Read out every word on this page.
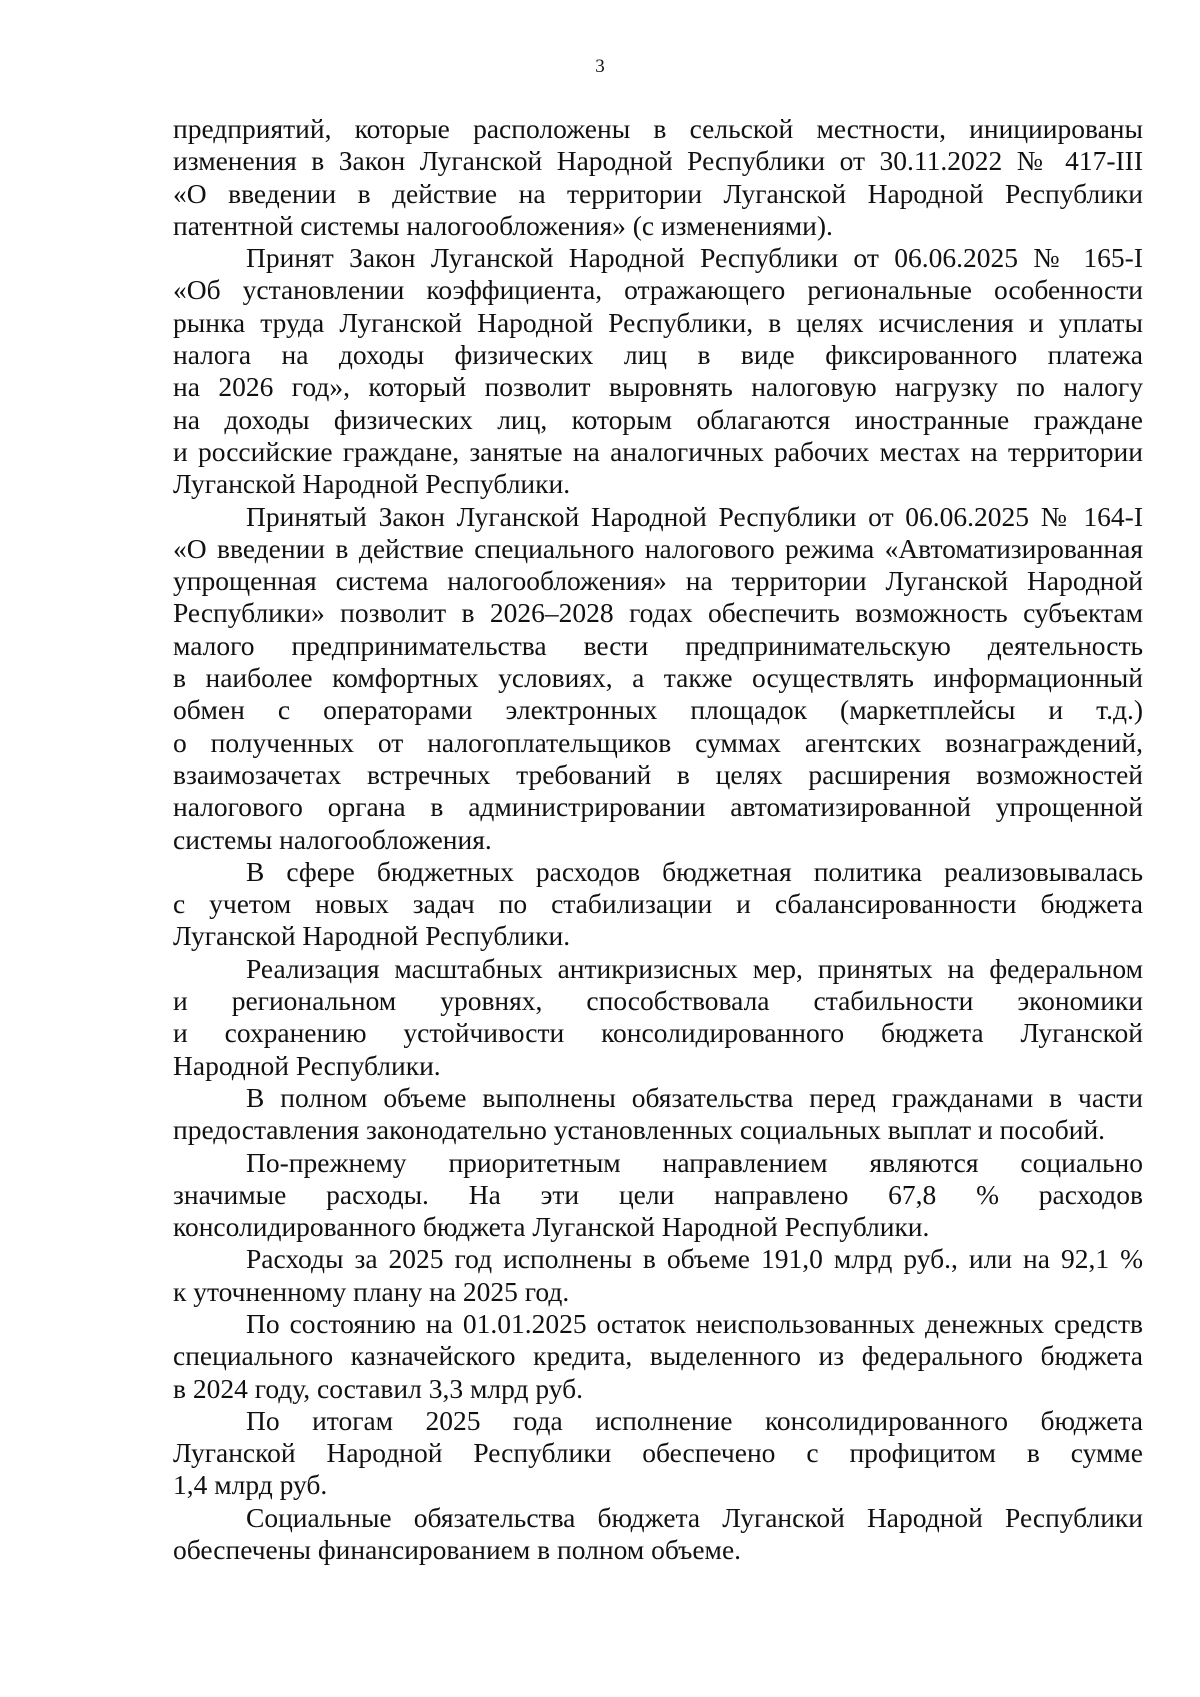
3
предприятий, которые расположены в сельской местности, инициированы
изменения в Закон Луганской Народной Республики от 30.11.2022 № 417-III
«О введении в действие на территории Луганской Народной Республики
патентной системы налогообложения» (с изменениями).
Принят Закон Луганской Народной Республики от 06.06.2025 № 165-I
«Об установлении коэффициента, отражающего региональные особенности
рынка труда Луганской Народной Республики, в целях исчисления и уплаты
налога на доходы физических лиц в виде фиксированного платежа
на 2026 год», который позволит выровнять налоговую нагрузку по налогу
на доходы физических лиц, которым облагаются иностранные граждане
и российские граждане, занятые на аналогичных рабочих местах на территории
Луганской Народной Республики.
Принятый Закон Луганской Народной Республики от 06.06.2025 № 164-I
«О введении в действие специального налогового режима «Автоматизированная
упрощенная система налогообложения» на территории Луганской Народной
Республики» позволит в 2026–2028 годах обеспечить возможность субъектам
малого предпринимательства вести предпринимательскую деятельность
в наиболее комфортных условиях, а также осуществлять информационный
обмен с операторами электронных площадок (маркетплейсы и т.д.)
о полученных от налогоплательщиков суммах агентских вознаграждений,
взаимозачетах встречных требований в целях расширения возможностей
налогового органа в администрировании автоматизированной упрощенной
системы налогообложения.
В сфере бюджетных расходов бюджетная политика реализовывалась
с учетом новых задач по стабилизации и сбалансированности бюджета
Луганской Народной Республики.
Реализация масштабных антикризисных мер, принятых на федеральном
и региональном уровнях, способствовала стабильности экономики
и сохранению устойчивости консолидированного бюджета Луганской
Народной Республики.
В полном объеме выполнены обязательства перед гражданами в части
предоставления законодательно установленных социальных выплат и пособий.
По-прежнему приоритетным направлением являются социально
значимые расходы. На эти цели направлено 67,8 % расходов
консолидированного бюджета Луганской Народной Республики.
Расходы за 2025 год исполнены в объеме 191,0 млрд руб., или на 92,1 %
к уточненному плану на 2025 год.
По состоянию на 01.01.2025 остаток неиспользованных денежных средств
специального казначейского кредита, выделенного из федерального бюджета
в 2024 году, составил 3,3 млрд руб.
По итогам 2025 года исполнение консолидированного бюджета
Луганской Народной Республики обеспечено с профицитом в сумме
1,4 млрд руб.
Социальные обязательства бюджета Луганской Народной Республики
обеспечены финансированием в полном объеме.
